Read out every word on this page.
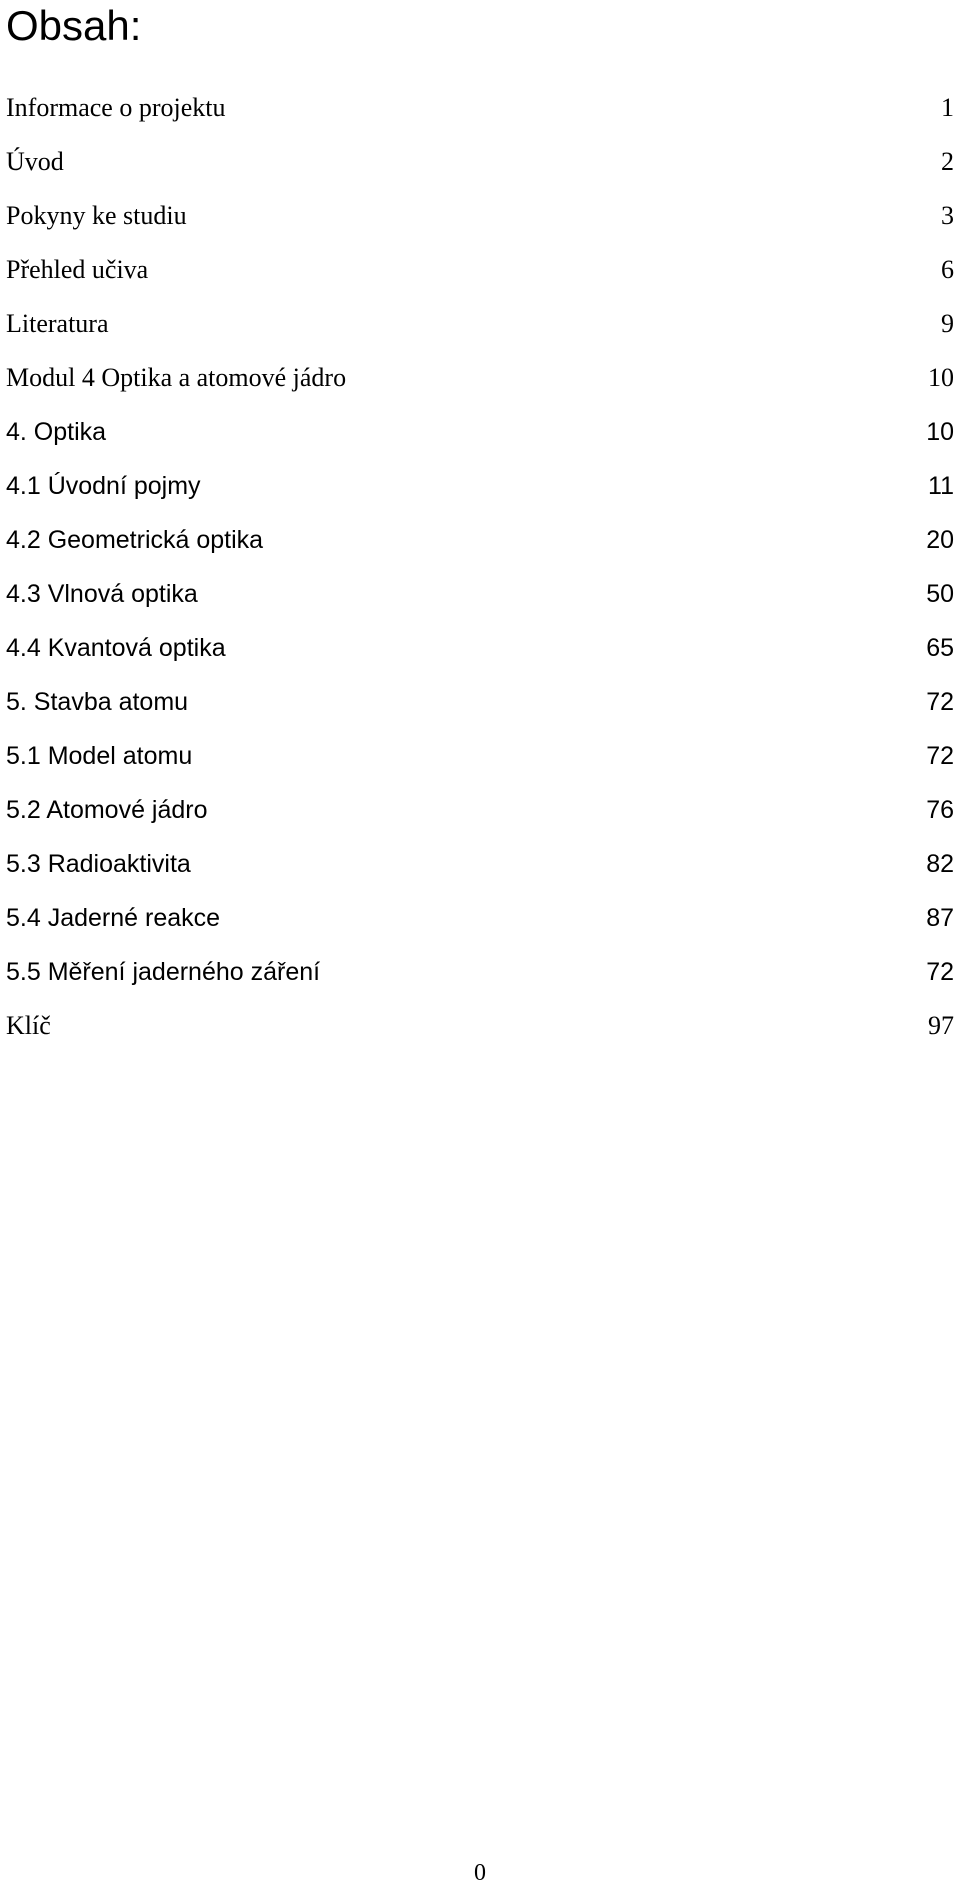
Obsah:
Informace o projektu	1
Úvod	2
Pokyny ke studiu	3
Přehled učiva	6
Literatura	9
Modul 4 Optika a atomové jádro	10
4. Optika	10
4.1 Úvodní pojmy	11
4.2 Geometrická optika	20
4.3 Vlnová optika	50
4.4 Kvantová optika	65
5. Stavba atomu	72
5.1 Model atomu	72
5.2 Atomové jádro	76
5.3 Radioaktivita	82
5.4 Jaderné reakce	87
5.5 Měření jaderného záření	72
Klíč	97

0
